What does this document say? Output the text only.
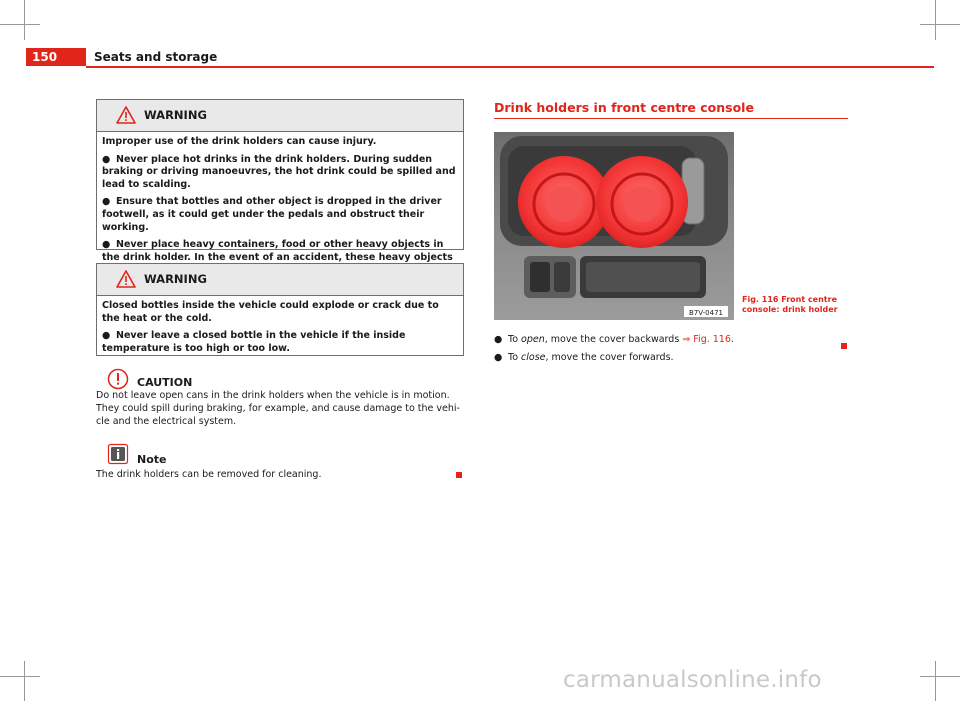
150	Seats and storage
WARNING

Improper use of the drink holders can cause injury.

● Never place hot drinks in the drink holders. During sudden braking or driving manoeuvres, the hot drink could be spilled and lead to scalding.

● Ensure that bottles and other object is dropped in the driver footwell, as it could get under the pedals and obstruct their working.

● Never place heavy containers, food or other heavy objects in the drink holder. In the event of an accident, these heavy objects

WARNING

Closed bottles inside the vehicle could explode or crack due to the heat or the cold.

● Never leave a closed bottle in the vehicle if the inside temperature is too high or too low.

CAUTION
Do not leave open cans in the drink holders when the vehicle is in motion. They could spill during braking, for example, and cause damage to the vehi- cle and the electrical system.
Note
The drink holders can be removed for cleaning.
Drink holders in front centre console
B7V-0471
Fig. 116 Front centre console: drink holder
● To open, move the cover backwards ⇒ Fig. 116.
● To close, move the cover forwards.
carmanualsonline.info
